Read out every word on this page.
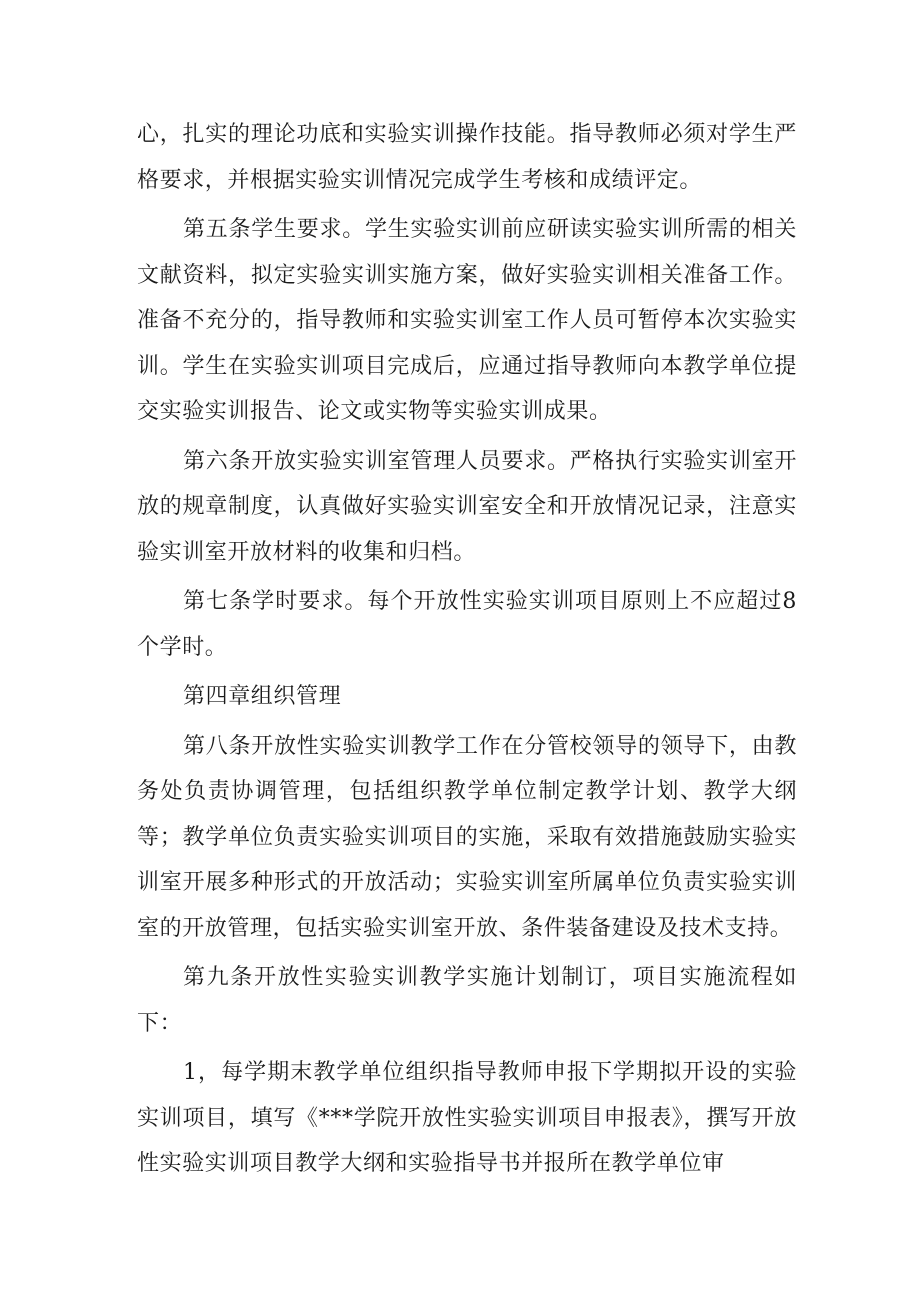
心，扎实的理论功底和实验实训操作技能。指导教师必须对学生严格要求，并根据实验实训情况完成学生考核和成绩评定。

第五条学生要求。学生实验实训前应研读实验实训所需的相关文献资料，拟定实验实训实施方案，做好实验实训相关准备工作。准备不充分的，指导教师和实验实训室工作人员可暂停本次实验实训。学生在实验实训项目完成后，应通过指导教师向本教学单位提交实验实训报告、论文或实物等实验实训成果。

第六条开放实验实训室管理人员要求。严格执行实验实训室开放的规章制度，认真做好实验实训室安全和开放情况记录，注意实验实训室开放材料的收集和归档。

第七条学时要求。每个开放性实验实训项目原则上不应超过8个学时。

第四章组织管理

第八条开放性实验实训教学工作在分管校领导的领导下，由教务处负责协调管理，包括组织教学单位制定教学计划、教学大纲等；教学单位负责实验实训项目的实施，采取有效措施鼓励实验实训室开展多种形式的开放活动；实验实训室所属单位负责实验实训室的开放管理，包括实验实训室开放、条件装备建设及技术支持。

第九条开放性实验实训教学实施计划制订，项目实施流程如下：

1，每学期末教学单位组织指导教师申报下学期拟开设的实验实训项目，填写《***学院开放性实验实训项目申报表》，撰写开放性实验实训项目教学大纲和实验指导书并报所在教学单位审
